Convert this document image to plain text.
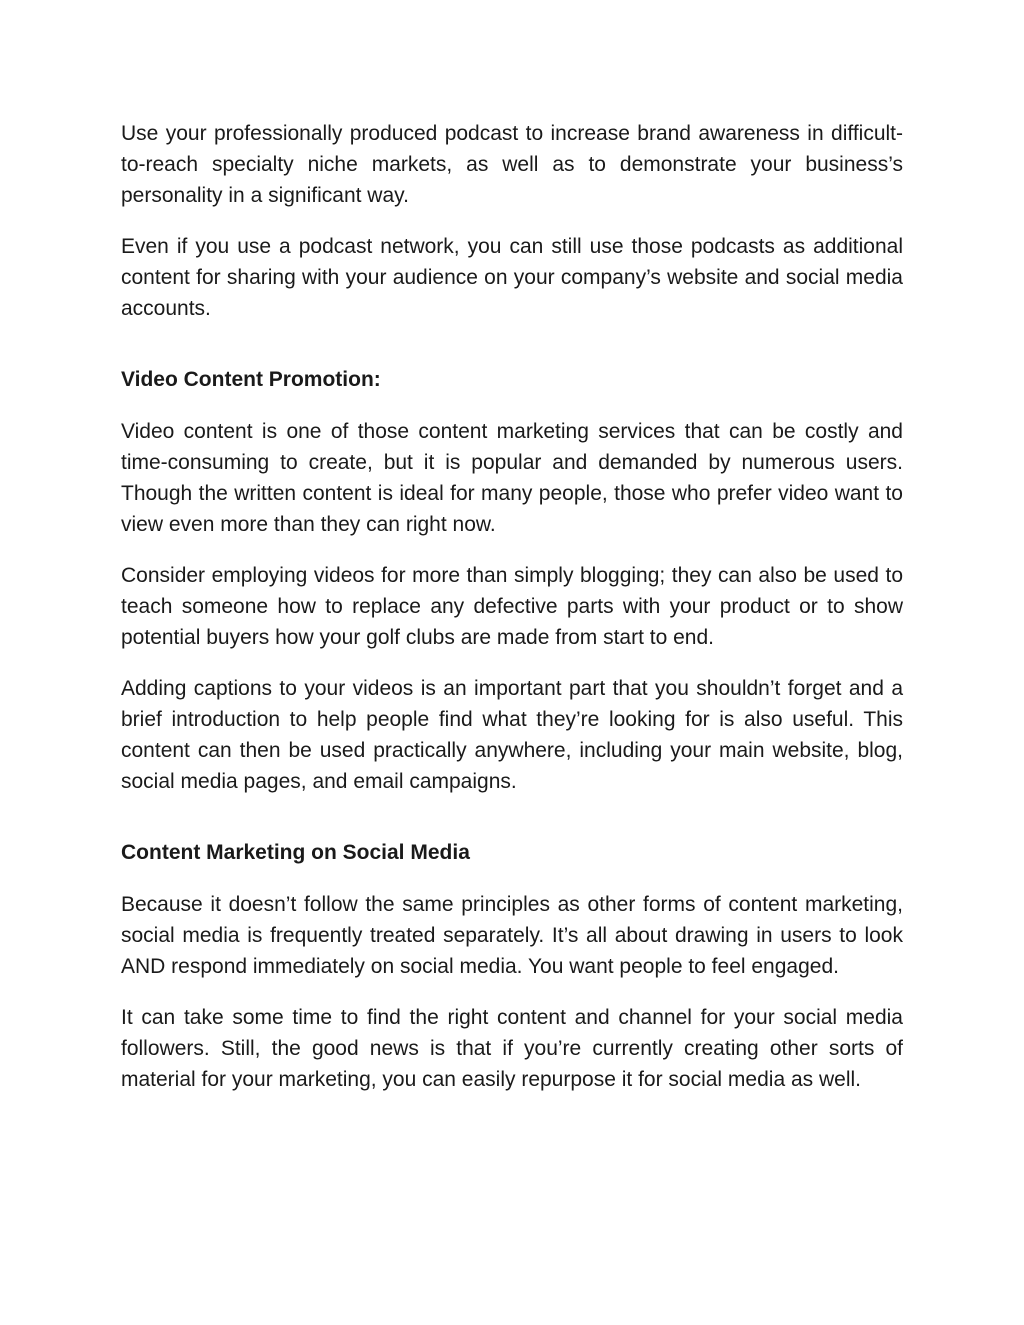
Use your professionally produced podcast to increase brand awareness in difficult-to-reach specialty niche markets, as well as to demonstrate your business’s personality in a significant way.

Even if you use a podcast network, you can still use those podcasts as additional content for sharing with your audience on your company’s website and social media accounts.

Video Content Promotion:

Video content is one of those content marketing services that can be costly and time-consuming to create, but it is popular and demanded by numerous users. Though the written content is ideal for many people, those who prefer video want to view even more than they can right now.

Consider employing videos for more than simply blogging; they can also be used to teach someone how to replace any defective parts with your product or to show potential buyers how your golf clubs are made from start to end.

Adding captions to your videos is an important part that you shouldn’t forget and a brief introduction to help people find what they’re looking for is also useful. This content can then be used practically anywhere, including your main website, blog, social media pages, and email campaigns.

Content Marketing on Social Media

Because it doesn’t follow the same principles as other forms of content marketing, social media is frequently treated separately. It’s all about drawing in users to look AND respond immediately on social media. You want people to feel engaged.

It can take some time to find the right content and channel for your social media followers. Still, the good news is that if you’re currently creating other sorts of material for your marketing, you can easily repurpose it for social media as well.
